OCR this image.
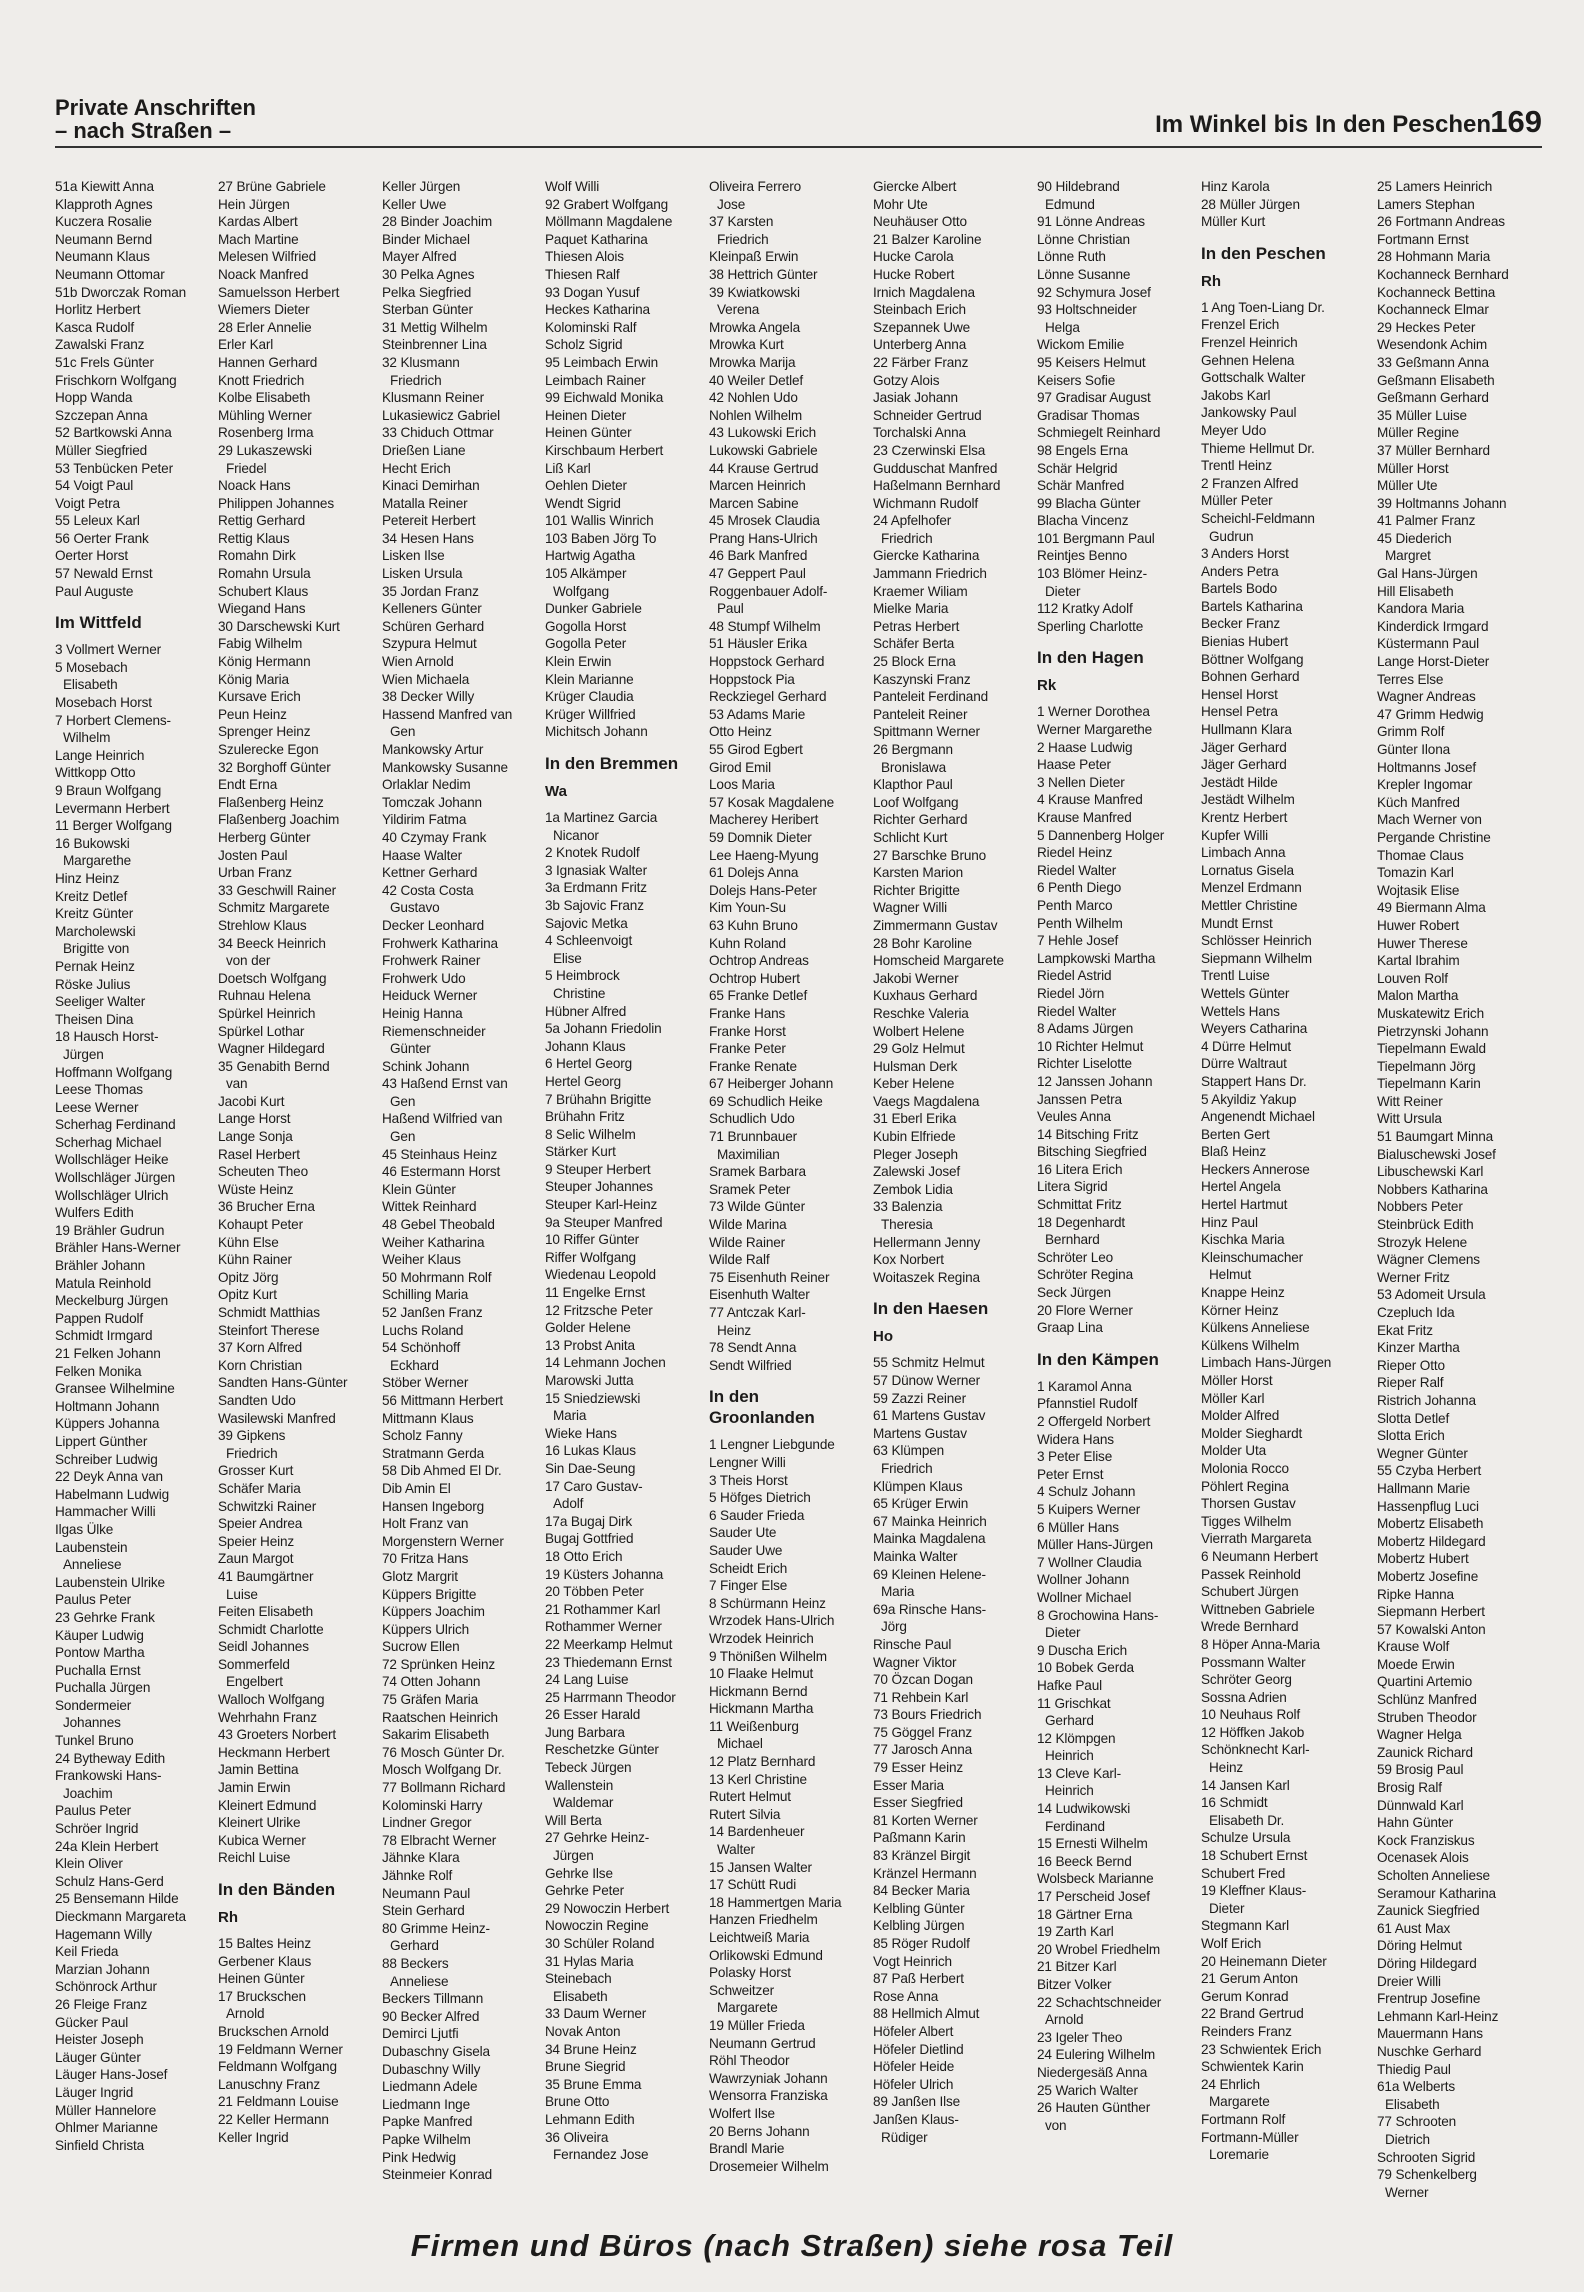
Private Anschriften
– nach Straßen –	Im Winkel bis In den Peschen 169
51a Kiewitt Anna
Klapproth Agnes
Kuczera Rosalie
Neumann Bernd
Neumann Klaus
Neumann Ottomar
51b Dworczak Roman
Horlitz Herbert
Kasca Rudolf
Zawalski Franz
51c Frels Günter
Frischkorn Wolfgang
Hopp Wanda
Szczepan Anna
52 Bartkowski Anna
Müller Siegfried
53 Tenbücken Peter
54 Voigt Paul
Voigt Petra
55 Leleux Karl
56 Oerter Frank
Oerter Horst
57 Newald Ernst
Paul Auguste
Im Wittfeld
3 Vollmert Werner
5 Mosebach
Elisabeth
Mosebach Horst
7 Horbert Clemens-
Wilhelm
Lange Heinrich
Wittkopp Otto
9 Braun Wolfgang
Levermann Herbert
11 Berger Wolfgang
16 Bukowski
Margarethe
Hinz Heinz
Kreitz Detlef
Kreitz Günter
Marcholewski
Brigitte von
Pernak Heinz
Röske Julius
Seeliger Walter
Theisen Dina
18 Hausch Horst-
Jürgen
Hoffmann Wolfgang
Leese Thomas
Leese Werner
Scherhag Ferdinand
Scherhag Michael
Wollschläger Heike
Wollschläger Jürgen
Wollschläger Ulrich
Wulfers Edith
19 Brähler Gudrun
Brähler Hans-Werner
Brähler Johann
Matula Reinhold
Meckelburg Jürgen
Pappen Rudolf
Schmidt Irmgard
21 Felken Johann
Felken Monika
Gransee Wilhelmine
Holtmann Johann
Küppers Johanna
Lippert Günther
Schreiber Ludwig
22 Deyk Anna van
Habelmann Ludwig
Hammacher Willi
Ilgas Ülke
Laubenstein
Anneliese
Laubenstein Ulrike
Paulus Peter
23 Gehrke Frank
Käuper Ludwig
Pontow Martha
Puchalla Ernst
Puchalla Jürgen
Sondermeier
Johannes
Tunkel Bruno
24 Bytheway Edith
Frankowski Hans-
Joachim
Paulus Peter
Schröer Ingrid
24a Klein Herbert
Klein Oliver
Schulz Hans-Gerd
25 Bensemann Hilde
Dieckmann Margareta
Hagemann Willy
Keil Frieda
Marzian Johann
Schönrock Arthur
26 Fleige Franz
Gücker Paul
Heister Joseph
Läuger Günter
Läuger Hans-Josef
Läuger Ingrid
Müller Hannelore
Ohlmer Marianne
Sinfield Christa
27 Brüne Gabriele
Hein Jürgen
Kardas Albert
Mach Martine
Melesen Wilfried
Noack Manfred
Samuelsson Herbert
Wiemers Dieter
28 Erler Annelie
Erler Karl
Hannen Gerhard
Knott Friedrich
Kolbe Elisabeth
Mühling Werner
Rosenberg Irma
29 Lukaszewski
Friedel
Noack Hans
Philippen Johannes
Rettig Gerhard
Rettig Klaus
Romahn Dirk
Romahn Ursula
Schubert Klaus
Wiegand Hans
30 Darschewski Kurt
Fabig Wilhelm
König Hermann
König Maria
Kursave Erich
Peun Heinz
Sprenger Heinz
Szulerecke Egon
32 Borghoff Günter
Endt Erna
Flaßenberg Heinz
Flaßenberg Joachim
Herberg Günter
Josten Paul
Urban Franz
33 Geschwill Rainer
Schmitz Margarete
Strehlow Klaus
34 Beeck Heinrich
von der
Doetsch Wolfgang
Ruhnau Helena
Spürkel Heinrich
Spürkel Lothar
Wagner Hildegard
35 Genabith Bernd
van
Jacobi Kurt
Lange Horst
Lange Sonja
Rasel Herbert
Scheuten Theo
Wüste Heinz
36 Brucher Erna
Kohaupt Peter
Kühn Else
Kühn Rainer
Opitz Jörg
Opitz Kurt
Schmidt Matthias
Steinfort Therese
37 Korn Alfred
Korn Christian
Sandten Hans-Günter
Sandten Udo
Wasilewski Manfred
39 Gipkens
Friedrich
Grosser Kurt
Schäfer Maria
Schwitzki Rainer
Speier Andrea
Speier Heinz
Zaun Margot
41 Baumgärtner
Luise
Feiten Elisabeth
Schmidt Charlotte
Seidl Johannes
Sommerfeld
Engelbert
Walloch Wolfgang
Wehrhahn Franz
43 Groeters Norbert
Heckmann Herbert
Jamin Bettina
Jamin Erwin
Kleinert Edmund
Kleinert Ulrike
Kubica Werner
Reichl Luise
In den Bänden
Rh
15 Baltes Heinz
Gerbener Klaus
Heinen Günter
17 Bruckschen
Arnold
Bruckschen Arnold
19 Feldmann Werner
Feldmann Wolfgang
Lanuschny Franz
21 Feldmann Louise
22 Keller Hermann
Keller Ingrid
Keller Jürgen
Keller Uwe
28 Binder Joachim
Binder Michael
Mayer Alfred
30 Pelka Agnes
Pelka Siegfried
Sterban Günter
31 Mettig Wilhelm
Steinbrenner Lina
32 Klusmann
Friedrich
Klusmann Reiner
Lukasiewicz Gabriel
33 Chiduch Ottmar
Drießen Liane
Hecht Erich
Kinaci Demirhan
Matalla Reiner
Petereit Herbert
34 Hesen Hans
Lisken Ilse
Lisken Ursula
35 Jordan Franz
Kelleners Günter
Schüren Gerhard
Szypura Helmut
Wien Arnold
Wien Michaela
38 Decker Willy
Hassend Manfred van
Gen
Mankowsky Artur
Mankowsky Susanne
Orlaklar Nedim
Tomczak Johann
Yildirim Fatma
40 Czymay Frank
Haase Walter
Kettner Gerhard
42 Costa Costa
Gustavo
Decker Leonhard
Frohwerk Katharina
Frohwerk Rainer
Frohwerk Udo
Heiduck Werner
Heinig Hanna
Riemenschneider
Günter
Schink Johann
43 Haßend Ernst van
Gen
Haßend Wilfried van
Gen
45 Steinhaus Heinz
46 Estermann Horst
Klein Günter
Wittek Reinhard
48 Gebel Theobald
Weiher Katharina
Weiher Klaus
50 Mohrmann Rolf
Schilling Maria
52 Janßen Franz
Luchs Roland
54 Schönhoff
Eckhard
Stöber Werner
56 Mittmann Herbert
Mittmann Klaus
Scholz Fanny
Stratmann Gerda
58 Dib Ahmed El Dr.
Dib Amin El
Hansen Ingeborg
Holt Franz van
Morgenstern Werner
70 Fritza Hans
Glotz Margrit
Küppers Brigitte
Küppers Joachim
Küppers Ulrich
Sucrow Ellen
72 Sprünken Heinz
74 Otten Johann
75 Gräfen Maria
Raatschen Heinrich
Sakarim Elisabeth
76 Mosch Günter Dr.
Mosch Wolfgang Dr.
77 Bollmann Richard
Kolominski Harry
Lindner Gregor
78 Elbracht Werner
Jähnke Klara
Jähnke Rolf
Neumann Paul
Stein Gerhard
80 Grimme Heinz-
Gerhard
88 Beckers
Anneliese
Beckers Tillmann
90 Becker Alfred
Demirci Ljutfi
Dubaschny Gisela
Dubaschny Willy
Liedmann Adele
Liedmann Inge
Papke Manfred
Papke Wilhelm
Pink Hedwig
Steinmeier Konrad
Wolf Willi
92 Grabert Wolfgang
Möllmann Magdalene
Paquet Katharina
Thiesen Alois
Thiesen Ralf
93 Dogan Yusuf
Heckes Katharina
Kolominski Ralf
Scholz Sigrid
95 Leimbach Erwin
Leimbach Rainer
99 Eichwald Monika
Heinen Dieter
Heinen Günter
Kirschbaum Herbert
Liß Karl
Oehlen Dieter
Wendt Sigrid
101 Wallis Winrich
103 Baben Jörg To
Hartwig Agatha
105 Alkämper
Wolfgang
Dunker Gabriele
Gogolla Horst
Gogolla Peter
Klein Erwin
Klein Marianne
Krüger Claudia
Krüger Willfried
Michitsch Johann
In den Bremmen
Wa
1a Martinez Garcia
Nicanor
2 Knotek Rudolf
3 Ignasiak Walter
3a Erdmann Fritz
3b Sajovic Franz
Sajovic Metka
4 Schleenvoigt
Elise
5 Heimbrock
Christine
Hübner Alfred
5a Johann Friedolin
Johann Klaus
6 Hertel Georg
Hertel Georg
7 Brühahn Brigitte
Brühahn Fritz
8 Selic Wilhelm
Stärker Kurt
9 Steuper Herbert
Steuper Johannes
Steuper Karl-Heinz
9a Steuper Manfred
10 Riffer Günter
Riffer Wolfgang
Wiedenau Leopold
11 Engelke Ernst
12 Fritzsche Peter
Golder Helene
13 Probst Anita
14 Lehmann Jochen
Marowski Jutta
15 Sniedziewski
Maria
Wieke Hans
16 Lukas Klaus
Sin Dae-Seung
17 Caro Gustav-
Adolf
17a Bugaj Dirk
Bugaj Gottfried
18 Otto Erich
19 Küsters Johanna
20 Többen Peter
21 Rothammer Karl
Rothammer Werner
22 Meerkamp Helmut
23 Thiedemann Ernst
24 Lang Luise
25 Harrmann Theodor
26 Esser Harald
Jung Barbara
Reschetzke Günter
Tebeck Jürgen
Wallenstein
Waldemar
Will Berta
27 Gehrke Heinz-
Jürgen
Gehrke Ilse
Gehrke Peter
29 Nowoczin Herbert
Nowoczin Regine
30 Schüler Roland
31 Hylas Maria
Steinebach
Elisabeth
33 Daum Werner
Novak Anton
34 Brune Heinz
Brune Siegrid
35 Brune Emma
Brune Otto
Lehmann Edith
36 Oliveira
Fernandez Jose
Oliveira Ferrero
Jose
37 Karsten
Friedrich
Kleinpaß Erwin
38 Hettrich Günter
39 Kwiatkowski
Verena
Mrowka Angela
Mrowka Kurt
Mrowka Marija
40 Weiler Detlef
42 Nohlen Udo
Nohlen Wilhelm
43 Lukowski Erich
Lukowski Gabriele
44 Krause Gertrud
Marcen Heinrich
Marcen Sabine
45 Mrosek Claudia
Prang Hans-Ulrich
46 Bark Manfred
47 Geppert Paul
Roggenbauer Adolf-
Paul
48 Stumpf Wilhelm
51 Häusler Erika
Hoppstock Gerhard
Hoppstock Pia
Reckziegel Gerhard
53 Adams Marie
Otto Heinz
55 Girod Egbert
Girod Emil
Loos Maria
57 Kosak Magdalene
Macherey Heribert
59 Domnik Dieter
Lee Haeng-Myung
61 Dolejs Anna
Dolejs Hans-Peter
Kim Youn-Su
63 Kuhn Bruno
Kuhn Roland
Ochtrop Andreas
Ochtrop Hubert
65 Franke Detlef
Franke Hans
Franke Horst
Franke Peter
Franke Renate
67 Heiberger Johann
69 Schudlich Heike
Schudlich Udo
71 Brunnbauer
Maximilian
Sramek Barbara
Sramek Peter
73 Wilde Günter
Wilde Marina
Wilde Rainer
Wilde Ralf
75 Eisenhuth Reiner
Eisenhuth Walter
77 Antczak Karl-
Heinz
78 Sendt Anna
Sendt Wilfried
In den Groonlanden
1 Lengner Liebgunde
Lengner Willi
3 Theis Horst
5 Höfges Dietrich
6 Sauder Frieda
Sauder Ute
Sauder Uwe
Scheidt Erich
7 Finger Else
8 Schürmann Heinz
Wrzodek Hans-Ulrich
Wrzodek Heinrich
9 Thönißen Wilhelm
10 Flaake Helmut
Hickmann Bernd
Hickmann Martha
11 Weißenburg
Michael
12 Platz Bernhard
13 Kerl Christine
Rutert Helmut
Rutert Silvia
14 Bardenheuer
Walter
15 Jansen Walter
17 Schütt Rudi
18 Hammertgen Maria
Hanzen Friedhelm
Leichtweiß Maria
Orlikowski Edmund
Polasky Horst
Schweitzer
Margarete
19 Müller Frieda
Neumann Gertrud
Röhl Theodor
Wawrzyniak Johann
Wensorra Franziska
Wolfert Ilse
20 Berns Johann
Brandl Marie
Drosemeier Wilhelm
Giercke Albert
Mohr Ute
Neuhäuser Otto
21 Balzer Karoline
Hucke Carola
Hucke Robert
Irnich Magdalena
Steinbach Erich
Szepannek Uwe
Unterberg Anna
22 Färber Franz
Gotzy Alois
Jasiak Johann
Schneider Gertrud
Torchalski Anna
23 Czerwinski Elsa
Gudduschat Manfred
Haßelmann Bernhard
Wichmann Rudolf
24 Apfelhofer
Friedrich
Giercke Katharina
Jammann Friedrich
Kraemer Wiliam
Mielke Maria
Petras Herbert
Schäfer Berta
25 Block Erna
Kaszynski Franz
Panteleit Ferdinand
Panteleit Reiner
Spittmann Werner
26 Bergmann
Bronislawa
Klapthor Paul
Loof Wolfgang
Richter Gerhard
Schlicht Kurt
27 Barschke Bruno
Karsten Marion
Richter Brigitte
Wagner Willi
Zimmermann Gustav
28 Bohr Karoline
Homscheid Margarete
Jakobi Werner
Kuxhaus Gerhard
Reschke Valeria
Wolbert Helene
29 Golz Helmut
Hulsman Derk
Keber Helene
Vaegs Magdalena
31 Eberl Erika
Kubin Elfriede
Pleger Joseph
Zalewski Josef
Zembok Lidia
33 Balenzia
Theresia
Hellermann Jenny
Kox Norbert
Woitaszek Regina
In den Haesen
Ho
55 Schmitz Helmut
57 Dünow Werner
59 Zazzi Reiner
61 Martens Gustav
Martens Gustav
63 Klümpen
Friedrich
Klümpen Klaus
65 Krüger Erwin
67 Mainka Heinrich
Mainka Magdalena
Mainka Walter
69 Kleinen Helene-
Maria
69a Rinsche Hans-
Jörg
Rinsche Paul
Wagner Viktor
70 Özcan Dogan
71 Rehbein Karl
73 Bours Friedrich
75 Göggel Franz
77 Jarosch Anna
79 Esser Heinz
Esser Maria
Esser Siegfried
81 Korten Werner
Paßmann Karin
83 Kränzel Birgit
Kränzel Hermann
84 Becker Maria
Kelbling Günter
Kelbling Jürgen
85 Röger Rudolf
Vogt Heinrich
87 Paß Herbert
Rose Anna
88 Hellmich Almut
Höfeler Albert
Höfeler Dietlind
Höfeler Heide
Höfeler Ulrich
89 Janßen Ilse
Janßen Klaus-
Rüdiger
90 Hildebrand
Edmund
91 Lönne Andreas
Lönne Christian
Lönne Ruth
Lönne Susanne
92 Schymura Josef
93 Holtschneider
Helga
Wickom Emilie
95 Keisers Helmut
Keisers Sofie
97 Gradisar August
Gradisar Thomas
Schmiegelt Reinhard
98 Engels Erna
Schär Helgrid
Schär Manfred
99 Blacha Günter
Blacha Vincenz
101 Bergmann Paul
Reintjes Benno
103 Blömer Heinz-
Dieter
112 Kratky Adolf
Sperling Charlotte
In den Hagen
Rk
1 Werner Dorothea
Werner Margarethe
2 Haase Ludwig
Haase Peter
3 Nellen Dieter
4 Krause Manfred
Krause Manfred
5 Dannenberg Holger
Riedel Heinz
Riedel Walter
6 Penth Diego
Penth Marco
Penth Wilhelm
7 Hehle Josef
Lampkowski Martha
Riedel Astrid
Riedel Jörn
Riedel Walter
8 Adams Jürgen
10 Richter Helmut
Richter Liselotte
12 Janssen Johann
Janssen Petra
Veules Anna
14 Bitsching Fritz
Bitsching Siegfried
16 Litera Erich
Litera Sigrid
Schmittat Fritz
18 Degenhardt
Bernhard
Schröter Leo
Schröter Regina
Seck Jürgen
20 Flore Werner
Graap Lina
In den Kämpen
1 Karamol Anna
Pfannstiel Rudolf
2 Offergeld Norbert
Widera Hans
3 Peter Elise
Peter Ernst
4 Schulz Johann
5 Kuipers Werner
6 Müller Hans
Müller Hans-Jürgen
7 Wollner Claudia
Wollner Johann
Wollner Michael
8 Grochowina Hans-
Dieter
9 Duscha Erich
10 Bobek Gerda
Hafke Paul
11 Grischkat
Gerhard
12 Klömpgen
Heinrich
13 Cleve Karl-
Heinrich
14 Ludwikowski
Ferdinand
15 Ernesti Wilhelm
16 Beeck Bernd
Wolsbeck Marianne
17 Perscheid Josef
18 Gärtner Erna
19 Zarth Karl
20 Wrobel Friedhelm
21 Bitzer Karl
Bitzer Volker
22 Schachtschneider
Arnold
23 Igeler Theo
24 Eulering Wilhelm
Niedergesäß Anna
25 Warich Walter
26 Hauten Günther
von
Hinz Karola
28 Müller Jürgen
Müller Kurt
In den Peschen
Rh
1 Ang Toen-Liang Dr.
Frenzel Erich
Frenzel Heinrich
Gehnen Helena
Gottschalk Walter
Jakobs Karl
Jankowsky Paul
Meyer Udo
Thieme Hellmut Dr.
Trentl Heinz
2 Franzen Alfred
Müller Peter
Scheichl-Feldmann
Gudrun
3 Anders Horst
Anders Petra
Bartels Bodo
Bartels Katharina
Becker Franz
Bienias Hubert
Böttner Wolfgang
Bohnen Gerhard
Hensel Horst
Hensel Petra
Hullmann Klara
Jäger Gerhard
Jäger Gerhard
Jestädt Hilde
Jestädt Wilhelm
Krentz Herbert
Kupfer Willi
Limbach Anna
Lornatus Gisela
Menzel Erdmann
Mettler Christine
Mundt Ernst
Schlösser Heinrich
Siepmann Wilhelm
Trentl Luise
Wettels Günter
Wettels Hans
Weyers Catharina
4 Dürre Helmut
Dürre Waltraut
Stappert Hans Dr.
5 Akyildiz Yakup
Angenendt Michael
Berten Gert
Blaß Heinz
Heckers Annerose
Hertel Angela
Hertel Hartmut
Hinz Paul
Kischka Maria
Kleinschumacher
Helmut
Knappe Heinz
Körner Heinz
Külkens Anneliese
Külkens Wilhelm
Limbach Hans-Jürgen
Möller Horst
Möller Karl
Molder Alfred
Molder Sieghardt
Molder Uta
Molonia Rocco
Pöhlert Regina
Thorsen Gustav
Tigges Wilhelm
Vierrath Margareta
6 Neumann Herbert
Passek Reinhold
Schubert Jürgen
Wittneben Gabriele
Wrede Bernhard
8 Höper Anna-Maria
Possmann Walter
Schröter Georg
Sossna Adrien
10 Neuhaus Rolf
12 Höffken Jakob
Schönknecht Karl-
Heinz
14 Jansen Karl
16 Schmidt
Elisabeth Dr.
Schulze Ursula
18 Schubert Ernst
Schubert Fred
19 Kleffner Klaus-
Dieter
Stegmann Karl
Wolf Erich
20 Heinemann Dieter
21 Gerum Anton
Gerum Konrad
22 Brand Gertrud
Reinders Franz
23 Schwientek Erich
Schwientek Karin
24 Ehrlich
Margarete
Fortmann Rolf
Fortmann-Müller
Loremarie
25 Lamers Heinrich
Lamers Stephan
26 Fortmann Andreas
Fortmann Ernst
28 Hohmann Maria
Kochanneck Bernhard
Kochanneck Bettina
Kochanneck Elmar
29 Heckes Peter
Wesendonk Achim
33 Geßmann Anna
Geßmann Elisabeth
Geßmann Gerhard
35 Müller Luise
Müller Regine
37 Müller Bernhard
Müller Horst
Müller Ute
39 Holtmanns Johann
41 Palmer Franz
45 Diederich
Margret
Gal Hans-Jürgen
Hill Elisabeth
Kandora Maria
Kinderdick Irmgard
Küstermann Paul
Lange Horst-Dieter
Terres Else
Wagner Andreas
47 Grimm Hedwig
Grimm Rolf
Günter Ilona
Holtmanns Josef
Krepler Ingomar
Küch Manfred
Mach Werner von
Pergande Christine
Thomae Claus
Tomazin Karl
Wojtasik Elise
49 Biermann Alma
Huwer Robert
Huwer Therese
Kartal Ibrahim
Louven Rolf
Malon Martha
Muskatewitz Erich
Pietrzynski Johann
Tiepelmann Ewald
Tiepelmann Jörg
Tiepelmann Karin
Witt Reiner
Witt Ursula
51 Baumgart Minna
Bialuschewski Josef
Libuschewski Karl
Nobbers Katharina
Nobbers Peter
Steinbrück Edith
Strozyk Helene
Wägner Clemens
Werner Fritz
53 Adomeit Ursula
Czepluch Ida
Ekat Fritz
Kinzer Martha
Rieper Otto
Rieper Ralf
Ristrich Johanna
Slotta Detlef
Slotta Erich
Wegner Günter
55 Czyba Herbert
Hallmann Marie
Hassenpflug Luci
Mobertz Elisabeth
Mobertz Hildegard
Mobertz Hubert
Mobertz Josefine
Ripke Hanna
Siepmann Herbert
57 Kowalski Anton
Krause Wolf
Moede Erwin
Quartini Artemio
Schlünz Manfred
Struben Theodor
Wagner Helga
Zaunick Richard
59 Brosig Paul
Brosig Ralf
Dünnwald Karl
Hahn Günter
Kock Franziskus
Ocenasek Alois
Scholten Anneliese
Seramour Katharina
Zaunick Siegfried
61 Aust Max
Döring Helmut
Döring Hildegard
Dreier Willi
Frentrup Josefine
Lehmann Karl-Heinz
Mauermann Hans
Nuschke Gerhard
Thiedig Paul
61a Welberts
Elisabeth
77 Schrooten
Dietrich
Schrooten Sigrid
79 Schenkelberg
Werner
Firmen und Büros (nach Straßen) siehe rosa Teil
